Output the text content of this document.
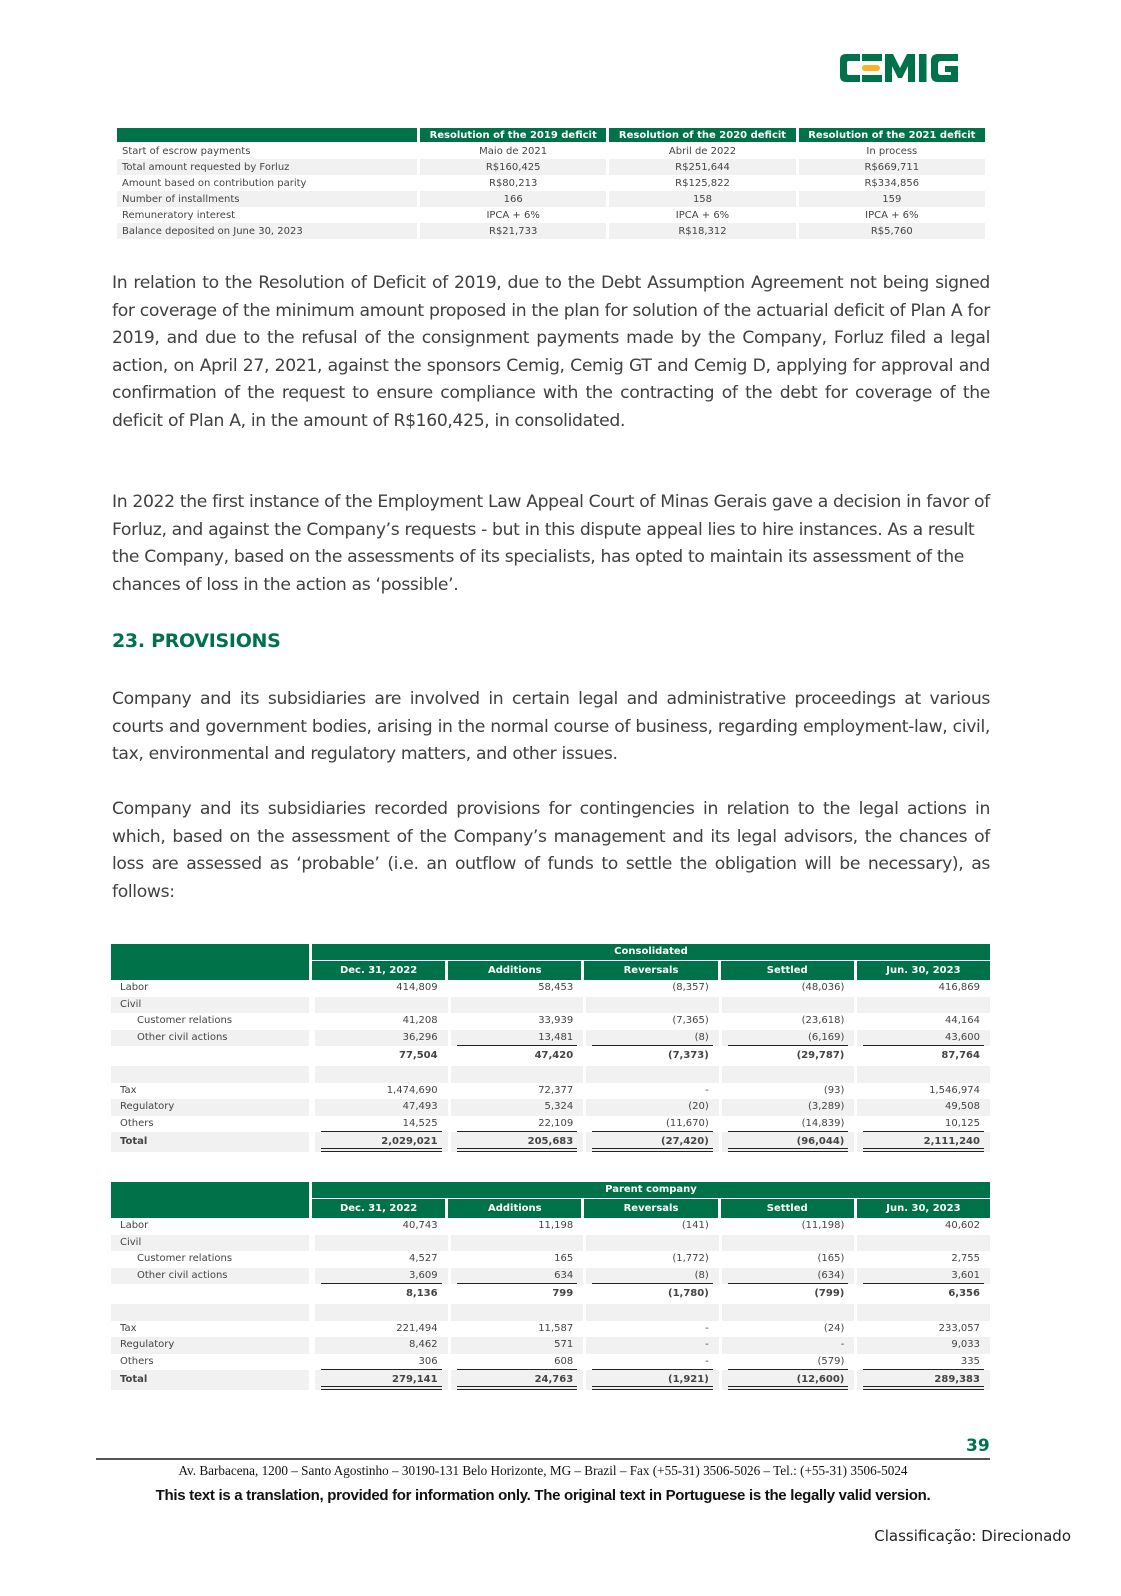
	Resolution of the 2019 deficit	Resolution of the 2020 deficit	Resolution of the 2021 deficit
Start of escrow payments	Maio de 2021	Abril de 2022	In process
Total amount requested by Forluz	R$160,425	R$251,644	R$669,711
Amount based on contribution parity	R$80,213	R$125,822	R$334,856
Number of installments	166	158	159
Remuneratory interest	IPCA + 6%	IPCA + 6%	IPCA + 6%
Balance deposited on June 30, 2023	R$21,733	R$18,312	R$5,760

In relation to the Resolution of Deficit of 2019, due to the Debt Assumption Agreement not being signed for coverage of the minimum amount proposed in the plan for solution of the actuarial deficit of Plan A for 2019, and due to the refusal of the consignment payments made by the Company, Forluz filed a legal action, on April 27, 2021, against the sponsors Cemig, Cemig GT and Cemig D, applying for approval and confirmation of the request to ensure compliance with the contracting of the debt for coverage of the deficit of Plan A, in the amount of R$160,425, in consolidated.

In 2022 the first instance of the Employment Law Appeal Court of Minas Gerais gave a decision in favor of Forluz, and against the Company’s requests - but in this dispute appeal lies to hire instances. As a result the Company, based on the assessments of its specialists, has opted to maintain its assessment of the chances of loss in the action as ‘possible’.

23. PROVISIONS

Company and its subsidiaries are involved in certain legal and administrative proceedings at various courts and government bodies, arising in the normal course of business, regarding employment-law, civil, tax, environmental and regulatory matters, and other issues.

Company and its subsidiaries recorded provisions for contingencies in relation to the legal actions in which, based on the assessment of the Company’s management and its legal advisors, the chances of loss are assessed as ‘probable’ (i.e. an outflow of funds to settle the obligation will be necessary), as follows:

Consolidated
Dec. 31, 2022	Additions	Reversals	Settled	Jun. 30, 2023
Labor	414,809	58,453	(8,357)	(48,036)	416,869
Civil
Customer relations	41,208	33,939	(7,365)	(23,618)	44,164
Other civil actions	36,296	13,481	(8)	(6,169)	43,600
77,504	47,420	(7,373)	(29,787)	87,764
Tax	1,474,690	72,377	-	(93)	1,546,974
Regulatory	47,493	5,324	(20)	(3,289)	49,508
Others	14,525	22,109	(11,670)	(14,839)	10,125
Total	2,029,021	205,683	(27,420)	(96,044)	2,111,240
Parent company
Dec. 31, 2022	Additions	Reversals	Settled	Jun. 30, 2023
Labor	40,743	11,198	(141)	(11,198)	40,602
Civil
Customer relations	4,527	165	(1,772)	(165)	2,755
Other civil actions	3,609	634	(8)	(634)	3,601
8,136	799	(1,780)	(799)	6,356
Tax	221,494	11,587	-	(24)	233,057
Regulatory	8,462	571	-	-	9,033
Others	306	608	-	(579)	335
Total	279,141	24,763	(1,921)	(12,600)	289,383
39
Av. Barbacena, 1200 – Santo Agostinho – 30190-131 Belo Horizonte, MG – Brazil – Fax (+55-31) 3506-5026 – Tel.: (+55-31) 3506-5024
This text is a translation, provided for information only. The original text in Portuguese is the legally valid version.
Classificação: Direcionado
